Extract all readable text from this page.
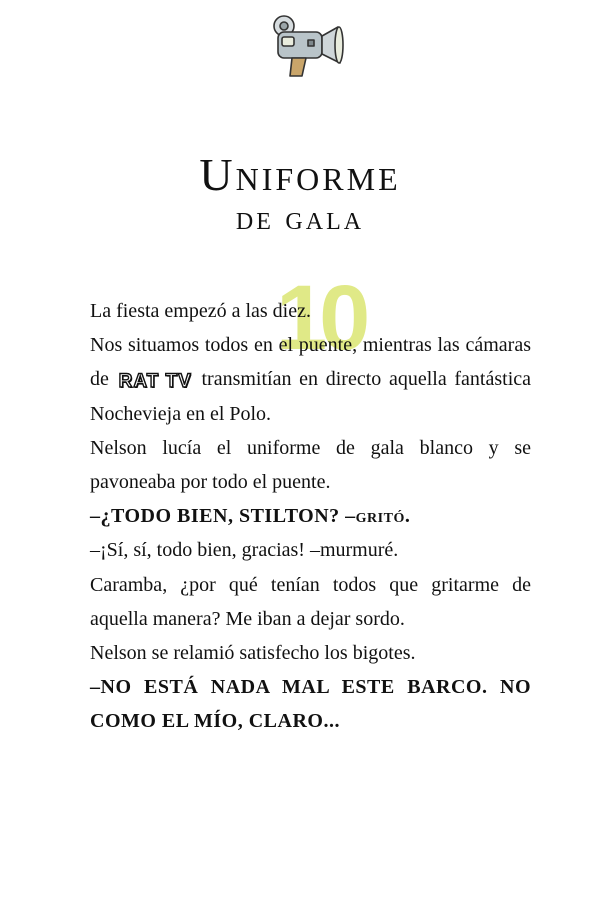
10
Uniforme
de gala

La fiesta empezó a las diez.

Nos situamos todos en el puente, mientras las cámaras de RAT TV transmitían en directo aquella fantástica Nochevieja en el Polo.

Nelson lucía el uniforme de gala blanco y se pavoneaba por todo el puente.

–¿TODO BIEN, STILTON? –gritó.

–¡Sí, sí, todo bien, gracias! –murmuré.

Caramba, ¿por qué tenían todos que gritarme de aquella manera? Me iban a dejar sordo.

Nelson se relamió satisfecho los bigotes.

–NO ESTÁ NADA MAL ESTE BARCO. NO COMO EL MÍO, CLARO...
